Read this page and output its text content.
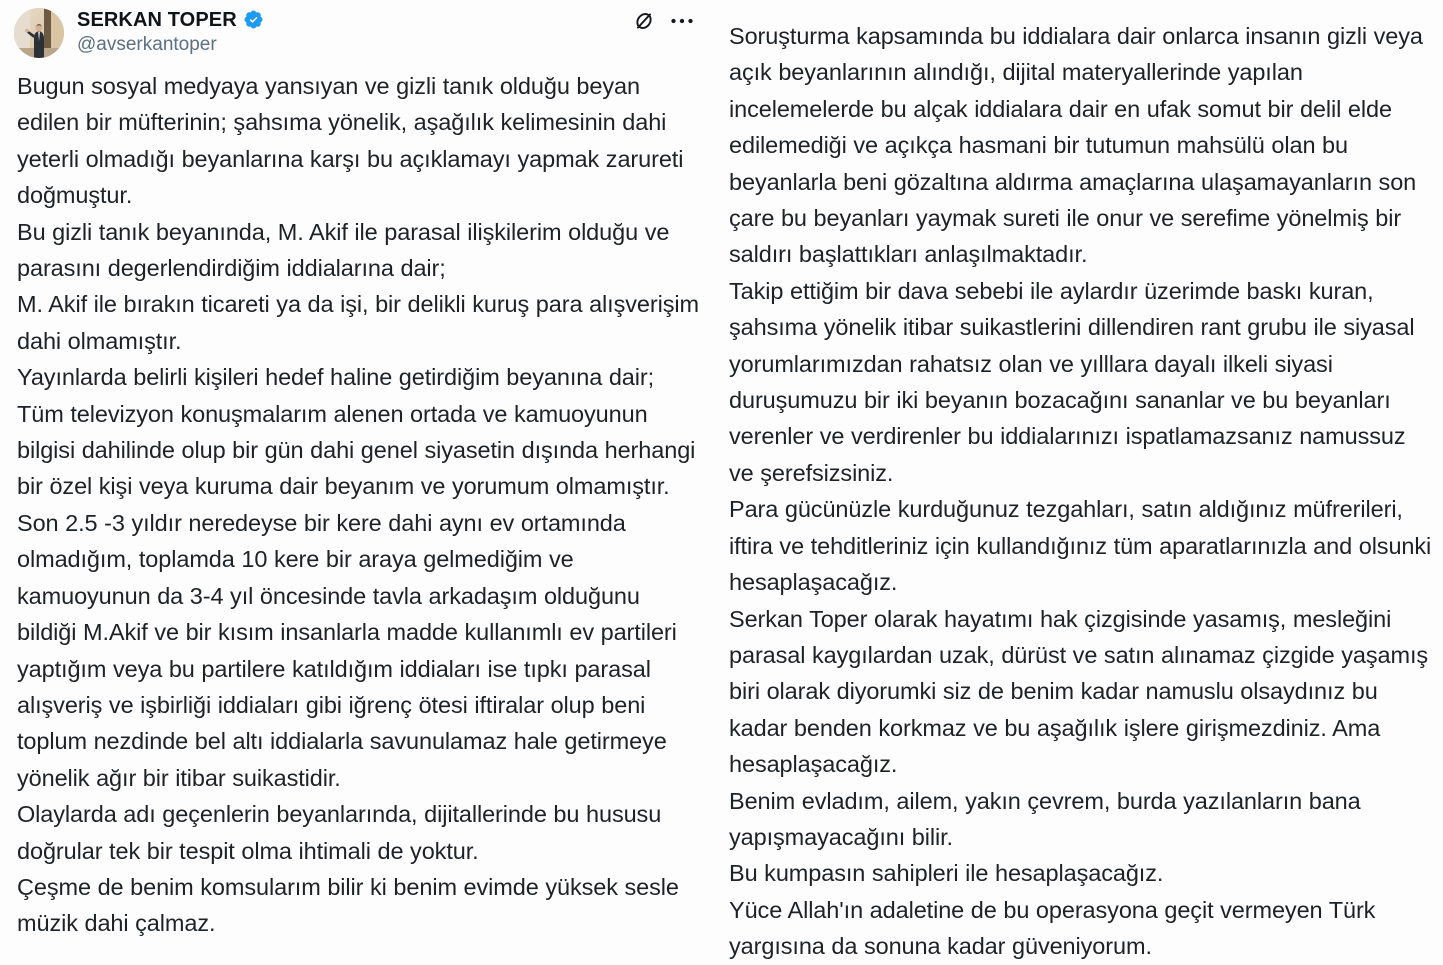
SERKAN TOPER
@avserkantoper

Bugun sosyal medyaya yansıyan ve gizli tanık olduğu beyan edilen bir müfterinin; şahsıma yönelik, aşağılık kelimesinin dahi yeterli olmadığı beyanlarına karşı bu açıklamayı yapmak zarureti doğmuştur.

Bu gizli tanık beyanında, M. Akif ile parasal ilişkilerim olduğu ve parasını degerlendirdiğim iddialarına dair;

M. Akif ile bırakın ticareti ya da işi, bir delikli kuruş para alışverişim dahi olmamıştır.

Yayınlarda belirli kişileri hedef haline getirdiğim beyanına dair;

Tüm televizyon konuşmalarım alenen ortada ve kamuoyunun bilgisi dahilinde olup bir gün dahi genel siyasetin dışında herhangi bir özel kişi veya kuruma dair beyanım ve yorumum olmamıştır.

Son 2.5 -3 yıldır neredeyse bir kere dahi aynı ev ortamında olmadığım, toplamda 10 kere bir araya gelmediğim ve kamuoyunun da 3-4 yıl öncesinde tavla arkadaşım olduğunu bildiği M.Akif ve bir kısım insanlarla madde kullanımlı ev partileri yaptığım veya bu partilere katıldığım iddiaları ise tıpkı parasal alışveriş ve işbirliği iddiaları gibi iğrenç ötesi iftiralar olup beni toplum nezdinde bel altı iddialarla savunulamaz hale getirmeye yönelik ağır bir itibar suikastidir.

Olaylarda adı geçenlerin beyanlarında, dijitallerinde bu hususu doğrular tek bir tespit olma ihtimali de yoktur.

Çeşme de benim komsularım bilir ki benim evimde yüksek sesle müzik dahi çalmaz.

Soruşturma kapsamında bu iddialara dair onlarca insanın gizli veya açık beyanlarının alındığı, dijital materyallerinde yapılan incelemelerde bu alçak iddialara dair en ufak somut bir delil elde edilemediği ve açıkça hasmani bir tutumun mahsülü olan bu beyanlarla beni gözaltına aldırma amaçlarına ulaşamayanların son çare bu beyanları yaymak sureti ile onur ve serefime yönelmiş bir saldırı başlattıkları anlaşılmaktadır.

Takip ettiğim bir dava sebebi ile aylardır üzerimde baskı kuran, şahsıma yönelik itibar suikastlerini dillendiren rant grubu ile siyasal yorumlarımızdan rahatsız olan ve yılllara dayalı ilkeli siyasi duruşumuzu bir iki beyanın bozacağını sananlar ve bu beyanları verenler ve verdirenler bu iddialarınızı ispatlamazsanız namussuz ve şerefsizsiniz.

Para gücünüzle kurduğunuz tezgahları, satın aldığınız müfrerileri, iftira ve tehditleriniz için kullandığınız tüm aparatlarınızla and olsunki hesaplaşacağız.

Serkan Toper olarak hayatımı hak çizgisinde yasamış, mesleğini parasal kaygılardan uzak, dürüst ve satın alınamaz çizgide yaşamış biri olarak diyorumki siz de benim kadar namuslu olsaydınız bu kadar benden korkmaz ve bu aşağılık işlere girişmezdiniz. Ama hesaplaşacağız.

Benim evladım, ailem, yakın çevrem, burda yazılanların bana yapışmayacağını bilir.

Bu kumpasın sahipleri ile hesaplaşacağız.

Yüce Allah'ın adaletine de bu operasyona geçit vermeyen Türk yargısına da sonuna kadar güveniyorum.
